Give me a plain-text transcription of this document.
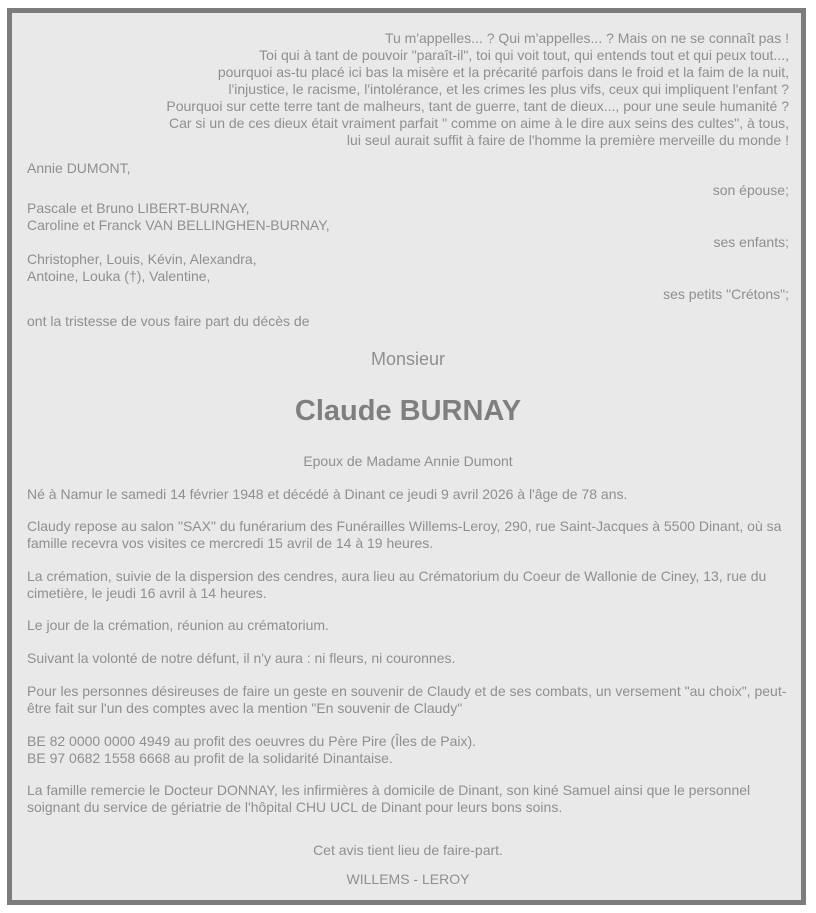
Tu m'appelles... ? Qui m'appelles... ? Mais on ne se connaît pas !
Toi qui à tant de pouvoir "paraît-il", toi qui voit tout, qui entends tout et qui peux tout...,
pourquoi as-tu placé ici bas la misère et la précarité parfois dans le froid et la faim de la nuit,
l'injustice, le racisme, l'intolérance, et les crimes les plus vifs, ceux qui impliquent l'enfant ?
Pourquoi sur cette terre tant de malheurs, tant de guerre, tant de dieux..., pour une seule humanité ?
Car si un de ces dieux était vraiment parfait " comme on aime à le dire aux seins des cultes", à tous,
lui seul aurait suffit à faire de l'homme la première merveille du monde !

Annie DUMONT,

son épouse;

Pascale et Bruno LIBERT-BURNAY,

Caroline et Franck VAN BELLINGHEN-BURNAY,

ses enfants;

Christopher, Louis, Kévin, Alexandra,

Antoine, Louka (†), Valentine,

ses petits "Crétons";

ont la tristesse de vous faire part du décès de

Monsieur

Claude BURNAY

Epoux de Madame Annie Dumont

Né à Namur le samedi 14 février 1948 et décédé à Dinant ce jeudi 9 avril 2026 à l'âge de 78 ans.

Claudy repose au salon "SAX" du funérarium des Funérailles Willems-Leroy, 290, rue Saint-Jacques à 5500 Dinant, où sa famille recevra vos visites ce mercredi 15 avril de 14 à 19 heures.

La crémation, suivie de la dispersion des cendres, aura lieu au Crématorium du Coeur de Wallonie de Ciney, 13, rue du cimetière, le jeudi 16 avril à 14 heures.

Le jour de la crémation, réunion au crématorium.

Suivant la volonté de notre défunt, il n'y aura : ni fleurs, ni couronnes.

Pour les personnes désireuses de faire un geste en souvenir de Claudy et de ses combats, un versement "au choix", peut-être fait sur l'un des comptes avec la mention "En souvenir de Claudy"

BE 82 0000 0000 4949 au profit des oeuvres du Père Pire (Îles de Paix).

BE 97 0682 1558 6668 au profit de la solidarité Dinantaise.

La famille remercie le Docteur DONNAY, les infirmières à domicile de Dinant, son kiné Samuel ainsi que le personnel soignant du service de gériatrie de l'hôpital CHU UCL de Dinant pour leurs bons soins.

Cet avis tient lieu de faire-part.

WILLEMS - LEROY
